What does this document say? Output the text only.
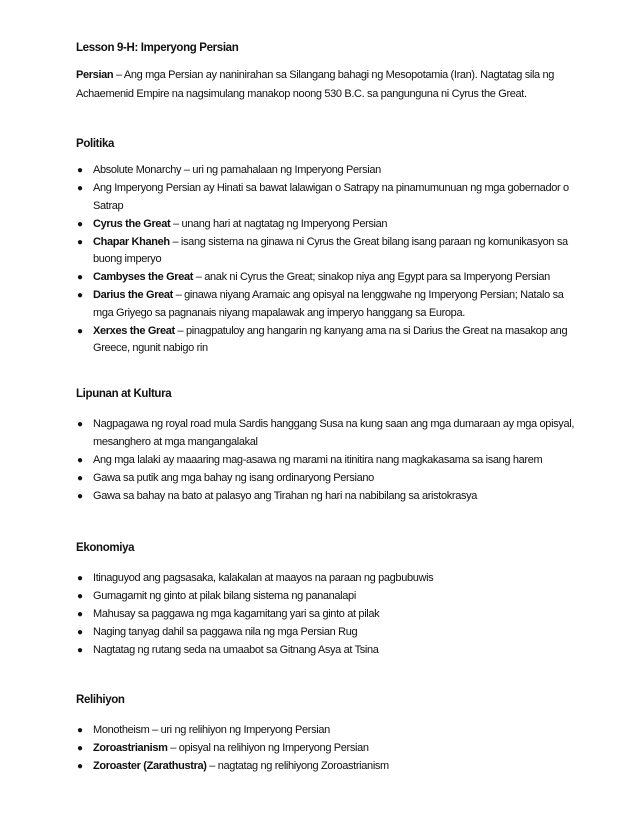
Lesson 9-H: Imperyong Persian

Persian – Ang mga Persian ay naninirahan sa Silangang bahagi ng Mesopotamia (Iran). Nagtatag sila ng Achaemenid Empire na nagsimulang manakop noong 530 B.C. sa pangunguna ni Cyrus the Great.

Politika

● Absolute Monarchy – uri ng pamahalaan ng Imperyong Persian
● Ang Imperyong Persian ay Hinati sa bawat lalawigan o Satrapy na pinamumunuan ng mga gobernador o Satrap
● Cyrus the Great – unang hari at nagtatag ng Imperyong Persian
● Chapar Khaneh – isang sistema na ginawa ni Cyrus the Great bilang isang paraan ng komunikasyon sa buong imperyo
● Cambyses the Great – anak ni Cyrus the Great; sinakop niya ang Egypt para sa Imperyong Persian
● Darius the Great – ginawa niyang Aramaic ang opisyal na lenggwahe ng Imperyong Persian; Natalo sa mga Griyego sa pagnanais niyang mapalawak ang imperyo hanggang sa Europa.
● Xerxes the Great – pinagpatuloy ang hangarin ng kanyang ama na si Darius the Great na masakop ang Greece, ngunit nabigo rin

Lipunan at Kultura

● Nagpagawa ng royal road mula Sardis hanggang Susa na kung saan ang mga dumaraan ay mga opisyal, mesanghero at mga mangangalakal
● Ang mga lalaki ay maaaring mag-asawa ng marami na itinitira nang magkakasama sa isang harem
● Gawa sa putik ang mga bahay ng isang ordinaryong Persiano
● Gawa sa bahay na bato at palasyo ang Tirahan ng hari na nabibilang sa aristokrasya

Ekonomiya

● Itinaguyod ang pagsasaka, kalakalan at maayos na paraan ng pagbubuwis
● Gumagamit ng ginto at pilak bilang sistema ng pananalapi
● Mahusay sa paggawa ng mga kagamitang yari sa ginto at pilak
● Naging tanyag dahil sa paggawa nila ng mga Persian Rug
● Nagtatag ng rutang seda na umaabot sa Gitnang Asya at Tsina

Relihiyon

● Monotheism – uri ng relihiyon ng Imperyong Persian
● Zoroastrianism – opisyal na relihiyon ng Imperyong Persian
● Zoroaster (Zarathustra) – nagtatag ng relihiyong Zoroastrianism
